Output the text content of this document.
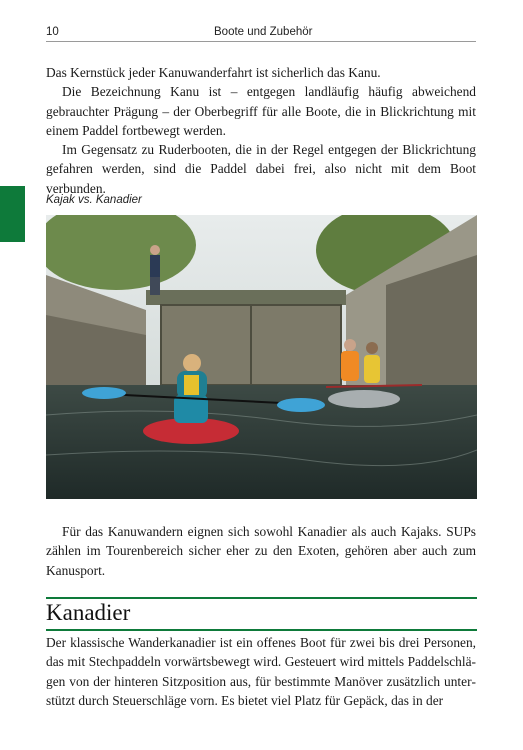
10	Boote und Zubehör

Das Kernstück jeder Kanuwanderfahrt ist sicherlich das Kanu.

Die Bezeichnung Kanu ist – entgegen landläufig häufig abweichend gebrauchter Prägung – der Oberbegriff für alle Boote, die in Blickrichtung mit einem Paddel fortbewegt werden.

Im Gegensatz zu Ruderbooten, die in der Regel entgegen der Blickrichtung gefahren werden, sind die Paddel dabei frei, also nicht mit dem Boot verbunden.

Kajak vs. Kanadier

Für das Kanuwandern eignen sich sowohl Kanadier als auch Kajaks. SUPs zählen im Tourenbereich sicher eher zu den Exoten, gehören aber auch zum Kanusport.

Kanadier

Der klassische Wanderkanadier ist ein offenes Boot für zwei bis drei Personen, das mit Stechpaddeln vorwärtsbewegt wird. Gesteuert wird mittels Paddelschlägen von der hinteren Sitzposition aus, für bestimmte Manöver zusätzlich unterstützt durch Steuerschläge vorn. Es bietet viel Platz für Gepäck, das in der
